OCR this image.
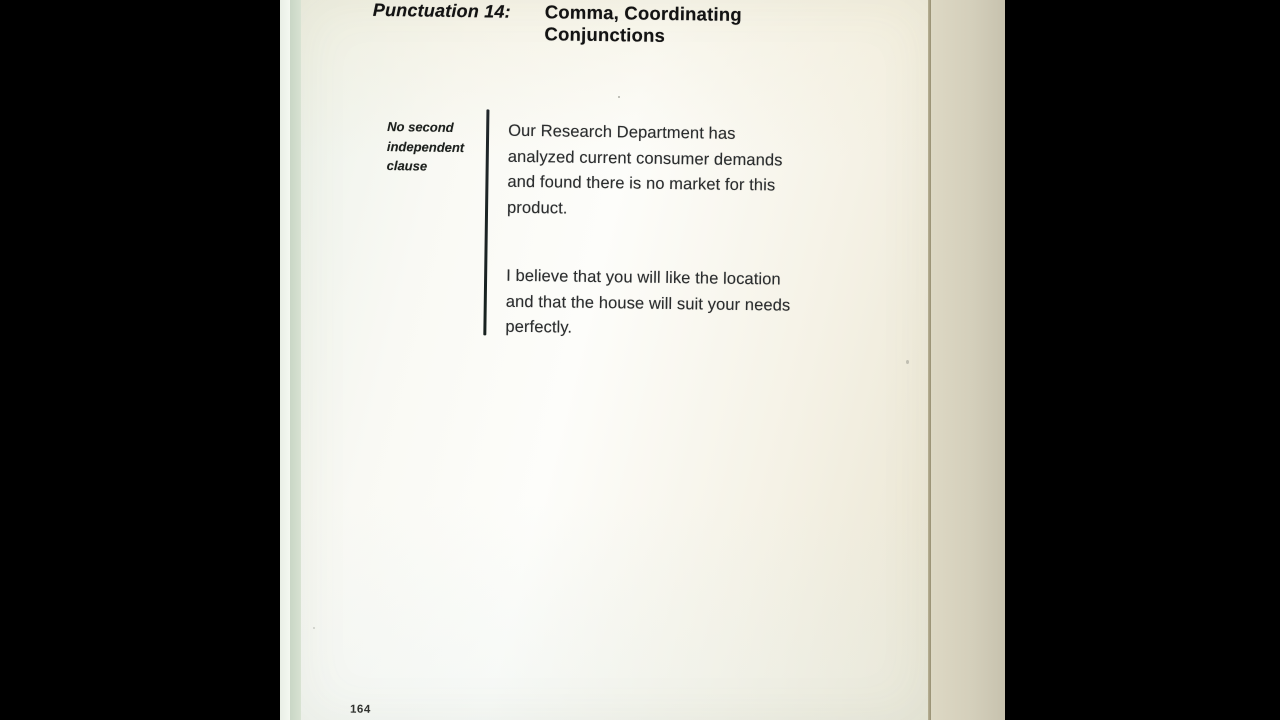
Punctuation 14: Comma, Coordinating
Conjunctions
No second
independent
clause
Our Research Department has
analyzed current consumer demands
and found there is no market for this
product.
I believe that you will like the location
and that the house will suit your needs
perfectly.
164
